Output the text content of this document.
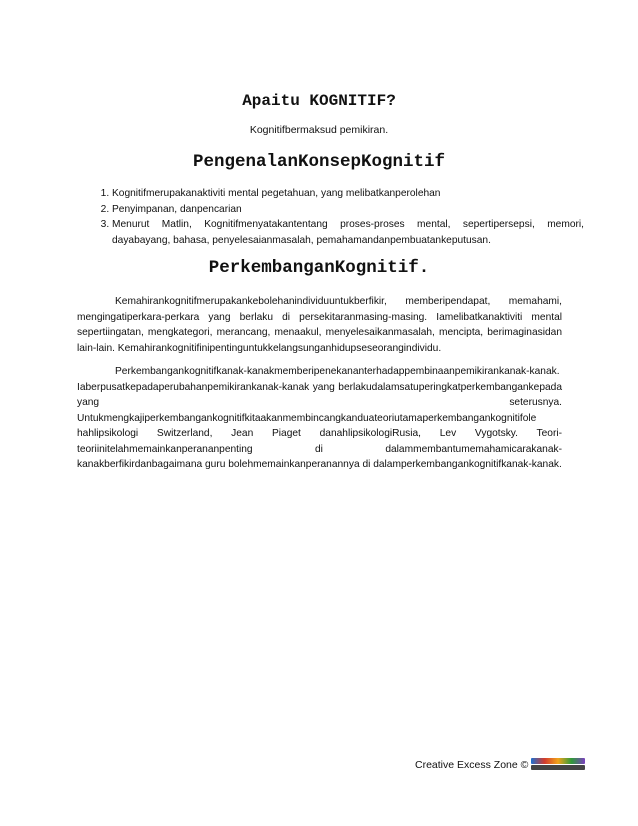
Apaitu KOGNITIF?
Kognitifbermaksud pemikiran.
PengenalanKonsepKognitif
1. Kognitifmerupakanaktiviti mental pegetahuan, yang melibatkanperolehan
2. Penyimpanan, danpencarian
3. Menurut Matlin, Kognitifmenyatakantentang proses-proses mental, sepertipersepsi, memori, dayabayang, bahasa, penyelesaianmasalah, pemahamandanpembuatankeputusan.
PerkembanganKognitif.

Kemahirankognitifmerupakankebolehanindividuuntukberfikir, memberipendapat, memahami, mengingatiperkara-perkara yang berlaku di persekitaranmasing-masing. Iamelibatkanaktiviti mental sepertiingatan, mengkategori, merancang, menaakul, menyelesaikanmasalah, mencipta, berimaginasidan lain-lain. Kemahirankognitifinipentinguntukkelangsunganhidupseseorangindividu.

Perkembangankognitifkanak-kanakmemberipenekananterhadappembinaanpemikirankanak-kanak. Iaberpusatkepadaperubahanpemikirankanak-kanak yang berlakudalamsatuperingkatperkembangankepada yang seterusnya. Untukmengkajiperkembangankognitifkitaakanmembincangkanduateoriutamaperkembangankognitifole hahlipsikologi Switzerland, Jean Piaget danahlipsikologiRusia, Lev Vygotsky. Teori-teoriinitelahmemainkanperananpenting di dalammembantumemahamicarakanak-kanakberfikirdanbagaimana guru bolehmemainkanperanannya di dalamperkembangankognitifkanak-kanak.

Creative Excess Zone ©
